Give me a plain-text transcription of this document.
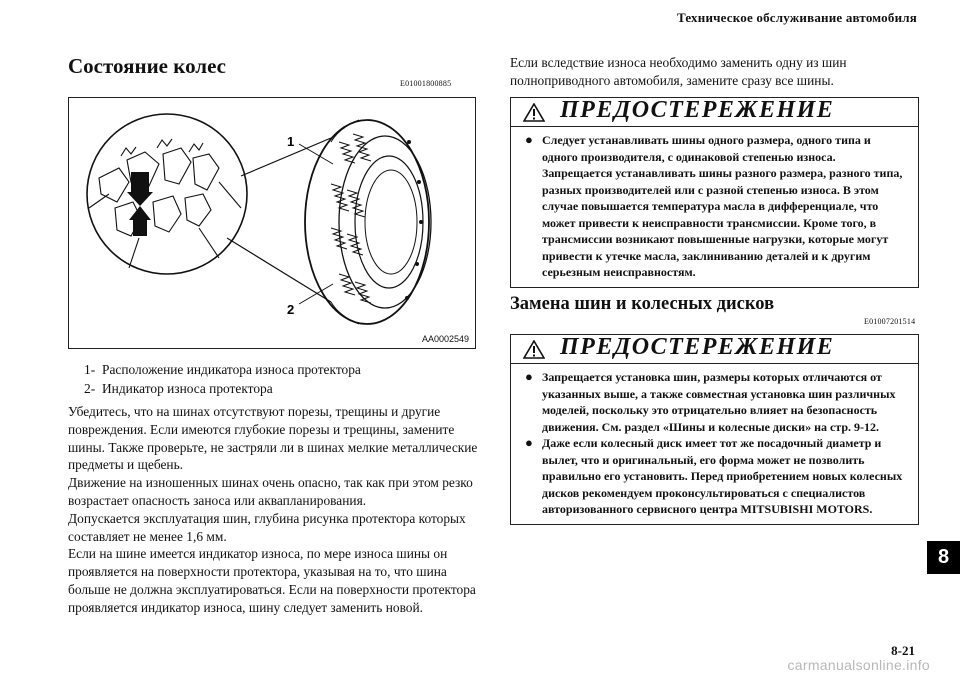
Техническое обслуживание автомобиля
Состояние колес
E01001800885
1
2
AA0002549
1- Расположение индикатора износа протектора
2- Индикатор износа протектора

Убедитесь, что на шинах отсутствуют порезы, трещины и другие повреждения. Если имеются глубокие порезы и трещины, замените шины. Также проверьте, не застряли ли в шинах мелкие металлические предметы и щебень.

Движение на изношенных шинах очень опасно, так как при этом резко возрастает опасность заноса или аквапланирования.

Допускается эксплуатация шин, глубина рисунка протектора которых составляет не менее 1,6 мм.

Если на шине имеется индикатор износа, по мере износа шины он проявляется на поверхности протектора, указывая на то, что шина больше не должна эксплуатироваться. Если на поверхности протектора проявляется индикатор износа, шину следует заменить новой.

Если вследствие износа необходимо заменить одну из шин полноприводного автомобиля, замените сразу все шины.
ПРЕДОСТЕРЕЖЕНИЕ
● Следует устанавливать шины одного размера, одного типа и одного производителя, с одинаковой степенью износа. Запрещается устанавливать шины разного размера, разного типа, разных производителей или с разной степенью износа. В этом случае повышается температура масла в дифференциале, что может привести к неисправности трансмиссии. Кроме того, в трансмиссии возникают повышенные нагрузки, которые могут привести к утечке масла, заклиниванию деталей и к другим серьезным неисправностям.

Замена шин и колесных дисков
E01007201514
ПРЕДОСТЕРЕЖЕНИЕ
● Запрещается установка шин, размеры которых отличаются от указанных выше, а также совместная установка шин различных моделей, поскольку это отрицательно влияет на безопасность движения. См. раздел «Шины и колесные диски» на стр. 9-12.

● Даже если колесный диск имеет тот же посадочный диаметр и вылет, что и оригинальный, его форма может не позволить правильно его установить. Перед приобретением новых колесных дисков рекомендуем проконсультироваться с специалистов авторизованного сервисного центра MITSUBISHI MOTORS.

8
8-21
carmanualsonline.info
